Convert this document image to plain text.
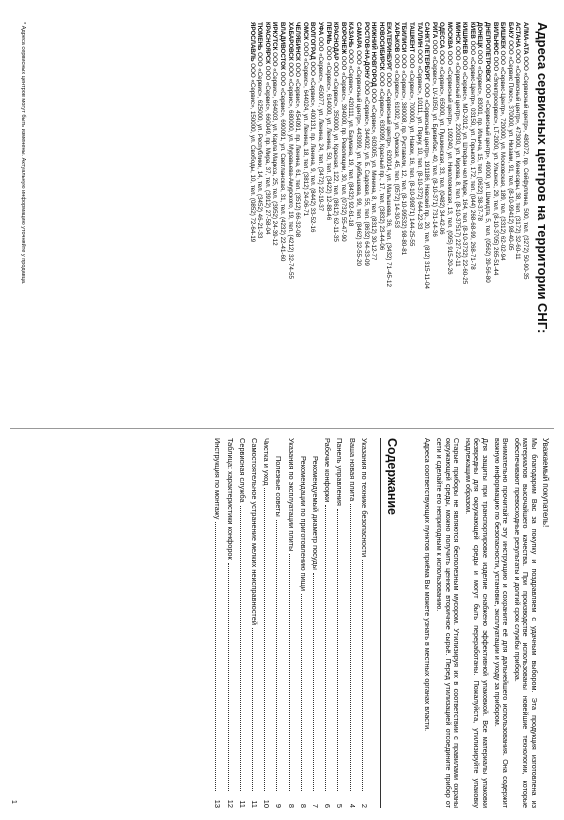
Адреса сервисных центров на территории СНГ:

АЛМА-АТА ООО «Сервисный центр», 480072, пр. Сейфуллина, 500, тел. (3272) 50-90-35

АСТАНА ООО «Сервисный центр», 473000, ул. Кенесары, 38, тел. (3172) 32-60-11

БАКУ ООО «Сервис Плюс», 370000, ул. Низами, 91, тел. (8-10-99412) 98-40-05

БИШКЕК ООО «Сервис-Центр», 720000, ул. Московская, 189, тел. (3312) 62-02-94

ВИЛЬНЮС ООО «Электросервис», LT-2000, ул. Ульонос, 29, тел. (8-10-3705) 265-51-44

ДНЕПРОПЕТРОВСК ООО «Сервисный центр», 49000, ул. Шмидта, 5, тел. (0562) 39-56-80

ДОНЕЦК ООО «Сервис», 83001, пр. Ильича, 15, тел. (0622) 38-37-78

КИЕВ ООО «Сервис-Центр», 03150, ул. Горького, 172, тел. (044) 268-68-99, 268-71-78

КИШИНЕВ ООО «Сервис», MD-2012, ул. Штефан чел Маре, 164, тел. (8-10-3732) 22-60-25

МИНСК ООО «Сервисный центр», 220030, ул. Кирова, 8, тел. (8-10-37517) 227-22-11

МОСКВА ООО «Сервисный центр», 109240, ул. Николоямская, 13, тел. (095) 915-20-26

ОДЕССА ООО «Сервис», 65000, ул. Пушкинская, 33, тел. (0482) 34-42-06

РИГА ООО «Сервис», LV-1050, ул. Бривибас, 40, тел. (8-10-371) 731-14-36

САНКТ-ПЕТЕРБУРГ ООО «Сервисный центр», 191186, Невский пр., 20, тел. (812) 315-11-04

ТАЛЛИН ООО «Сервис», 10111, ул. Пярну, 10, тел. (8-10-372) 644-22-33

ТАШКЕНТ ООО «Сервис», 700000, ул. Навои, 16, тел. (8-10-99871) 144-25-55

ТБИЛИСИ ООО «Сервис», 380008, пр. Руставели, 12, тел. (8-10-99532) 98-80-81

ХАРЬКОВ ООО «Сервис», 61002, ул. Сумская, 45, тел. (0572) 14-30-53

ЕКАТЕРИНБУРГ ООО «Сервисный центр», 620014, ул. Малышева, 36, тел. (3432) 71-45-12

НОВОСИБИРСК ООО «Сервис», 630099, Красный пр., 17, тел. (3832) 23-44-06

НИЖНИЙ НОВГОРОД ООО «Сервис», 603005, ул. Минина, 8, тел. (8312) 30-12-77

РОСТОВ-НА-ДОНУ ООО «Сервис», 344002, ул. Б. Садовая, 55, тел. (8632) 64-33-09

САМАРА ООО «Сервисный центр», 443099, ул. Куйбышева, 99, тел. (8462) 32-55-20

КАЗАНЬ ООО «Сервис», 420111, ул. Баумана, 19, тел. (8432) 92-61-18

ВОРОНЕЖ ООО «Сервис», 394000, пр. Революции, 30, тел. (0732) 55-47-90

КРАСНОДАР ООО «Сервис», 350000, ул. Красная, 122, тел. (8612) 62-11-35

ПЕРМЬ ООО «Сервис», 614000, ул. Ленина, 50, тел. (3422) 12-88-46

УФА ООО «Сервис», 450077, ул. Ленина, 24, тел. (3472) 22-19-37

ВОЛГОГРАД ООО «Сервис», 400131, пр. Ленина, 9, тел. (8442) 33-52-16

ОМСК ООО «Сервис», 644024, ул. Ленина, 18, тел. (3812) 24-06-71

ЧЕЛЯБИНСК ООО «Сервис», 454091, пр. Ленина, 61, тел. (3512) 66-32-08

ХАБАРОВСК ООО «Сервис», 680000, ул. Муравьева-Амурского, 19, тел. (4212) 32-74-55

ВЛАДИВОСТОК ООО «Сервис», 690091, ул. Светланская, 31, тел. (4232) 22-41-60

ИРКУТСК ООО «Сервис», 664003, ул. Карла Маркса, 25, тел. (3952) 24-39-12

КРАСНОЯРСК ООО «Сервис», 660049, пр. Мира, 37, тел. (3912) 27-58-04

ТЮМЕНЬ ООО «Сервис», 625000, ул. Республики, 14, тел. (3452) 46-21-33

ЯРОСЛАВЛЬ ООО «Сервис», 150000, ул. Свободы, 10, тел. (0852) 72-64-19

* Адреса сервисных центров могут быть изменены. Актуальную информацию уточняйте у продавца.
Уважаемый покупатель!

Мы благодарим Вас за покупку и поздравляем с удачным выбором. Эта продукция изготовлена из материалов высочайшего качества. При производстве использованы новейшие технологии, которые обеспечивают превосходные результаты и долгий срок службы прибора.

Внимательно прочитайте эту инструкцию и сохраните её для дальнейшего использования. Она содержит важную информацию по безопасности, установке, эксплуатации и уходу за прибором.

Для защиты при транспортировке изделие снабжено эффективной упаковкой. Все материалы упаковки безвредны для окружающей среды и могут быть переработаны. Пожалуйста, утилизируйте упаковку надлежащим образом.

Старые приборы не являются бесполезным мусором. Утилизируя их в соответствии с правилами охраны окружающей среды, можно получить ценное вторичное сырьё. Перед утилизацией отсоедините прибор от сети и сделайте его непригодным к использованию.

Адреса соответствующих пунктов приёма Вы можете узнать в местных органах власти.

Содержание
Указания по технике безопасности
2
Ваша новая плита
4
Панель управления
5
Рабочие конфорки
6
Рекомендуемый диаметр посуды
7
Рекомендации по приготовлению пищи
8
Указания по эксплуатации плиты
8
Полезные советы
9
Чистка и уход
10
Самостоятельное устранение мелких неисправностей
11
Сервисная служба
11
Таблица: характеристики конфорок
12
Инструкция по монтажу
13
1
